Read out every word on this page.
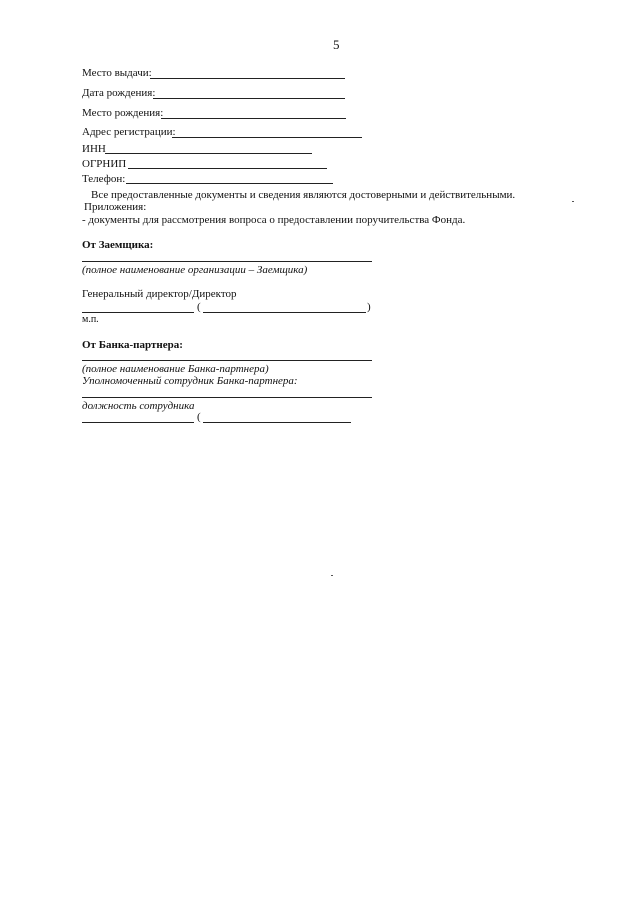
5
Место выдачи:
Дата рождения:
Место рождения:
Адрес регистрации:
ИНН
ОГРНИП
Телефон:
Все предоставленные документы и сведения являются достоверными и действительными.
Приложения:
- документы для рассмотрения вопроса о предоставлении поручительства Фонда.
От Заемщика:
(полное наименование организации – Заемщика)
Генеральный директор/Директор
(	)
м.п.
От Банка-партнера:
(полное наименование Банка-партнера)
Уполномоченный сотрудник Банка-партнера:
должность сотрудника
(
